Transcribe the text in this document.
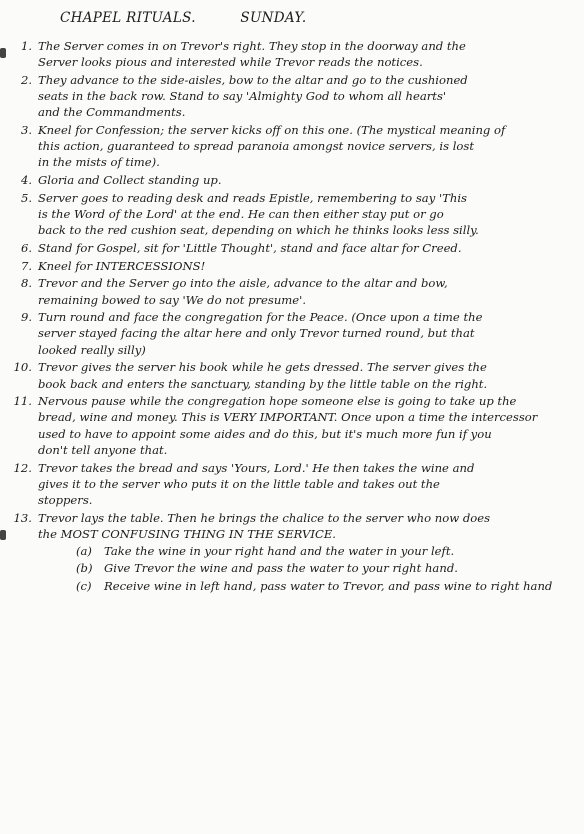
CHAPEL RITUALS.	SUNDAY.
1. The Server comes in on Trevor's right. They stop in the doorway and the
Server looks pious and interested while Trevor reads the notices.
2. They advance to the side-aisles, bow to the altar and go to the cushioned
seats in the back row. Stand to say 'Almighty God to whom all hearts'
and the Commandments.
3. Kneel for Confession; the server kicks off on this one. (The mystical meaning of
this action, guaranteed to spread paranoia amongst novice servers, is lost
in the mists of time).
4. Gloria and Collect standing up.
5. Server goes to reading desk and reads Epistle, remembering to say 'This
is the Word of the Lord' at the end. He can then either stay put or go
back to the red cushion seat, depending on which he thinks looks less silly.
6. Stand for Gospel, sit for 'Little Thought', stand and face altar for Creed.
7. Kneel for INTERCESSIONS!
8. Trevor and the Server go into the aisle, advance to the altar and bow,
remaining bowed to say 'We do not presume'.
9. Turn round and face the congregation for the Peace. (Once upon a time the
server stayed facing the altar here and only Trevor turned round, but that
looked really silly)
10. Trevor gives the server his book while he gets dressed. The server gives the
book back and enters the sanctuary, standing by the little table on the right.
11. Nervous pause while the congregation hope someone else is going to take up the
bread, wine and money. This is VERY IMPORTANT. Once upon a time the intercessor
used to have to appoint some aides and do this, but it's much more fun if you
don't tell anyone that.
12. Trevor takes the bread and says 'Yours, Lord.' He then takes the wine and
gives it to the server who puts it on the little table and takes out the
stoppers.
13. Trevor lays the table. Then he brings the chalice to the server who now does
the MOST CONFUSING THING IN THE SERVICE.
(a)	Take the wine in your right hand and the water in your left.
(b) Give Trevor the wine and pass the water to your right hand.
(c)	Receive wine in left hand, pass water to Trevor, and pass wine to right hand
